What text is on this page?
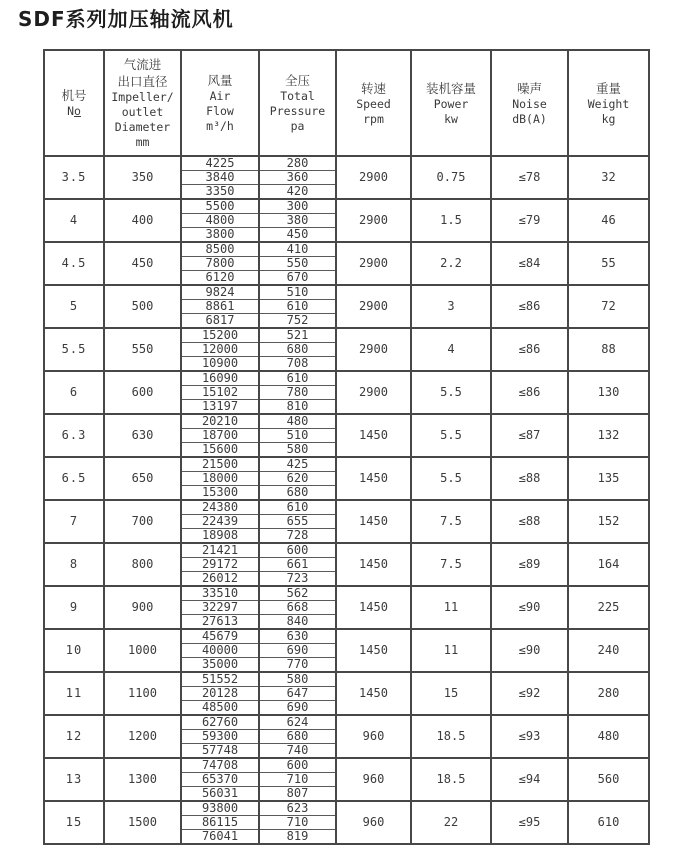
SDF系列加压轴流风机
机号
No

气流进
出口直径
Impeller/
outlet
Diameter
mm

风量
Air
Flow
m³/h

全压
Total
Pressure
pa

转速
Speed
rpm

装机容量
Power
kw

噪声
Noise
dB(A)

重量
Weight
kg

3.5	350	4225	280	2900	0.75	≤78	32
		3840	360				
		3350	420				
4	400	5500	300	2900	1.5	≤79	46
		4800	380				
		3800	450				
4.5	450	8500	410	2900	2.2	≤84	55
		7800	550				
		6120	670				
5	500	9824	510	2900	3	≤86	72
		8861	610				
		6817	752				
5.5	550	15200	521	2900	4	≤86	88
		12000	680				
		10900	708				
6	600	16090	610	2900	5.5	≤86	130
		15102	780				
		13197	810				
6.3	630	20210	480	1450	5.5	≤87	132
		18700	510				
		15600	580				
6.5	650	21500	425	1450	5.5	≤88	135
		18000	620				
		15300	680				
7	700	24380	610	1450	7.5	≤88	152
		22439	655				
		18908	728				
8	800	21421	600	1450	7.5	≤89	164
		29172	661				
		26012	723				
9	900	33510	562	1450	11	≤90	225
		32297	668				
		27613	840				
10	1000	45679	630	1450	11	≤90	240
		40000	690				
		35000	770				
11	1100	51552	580	1450	15	≤92	280
		20128	647				
		48500	690				
12	1200	62760	624	960	18.5	≤93	480
		59300	680				
		57748	740				
13	1300	74708	600	960	18.5	≤94	560
		65370	710				
		56031	807				
15	1500	93800	623	960	22	≤95	610
		86115	710				
		76041	819				
